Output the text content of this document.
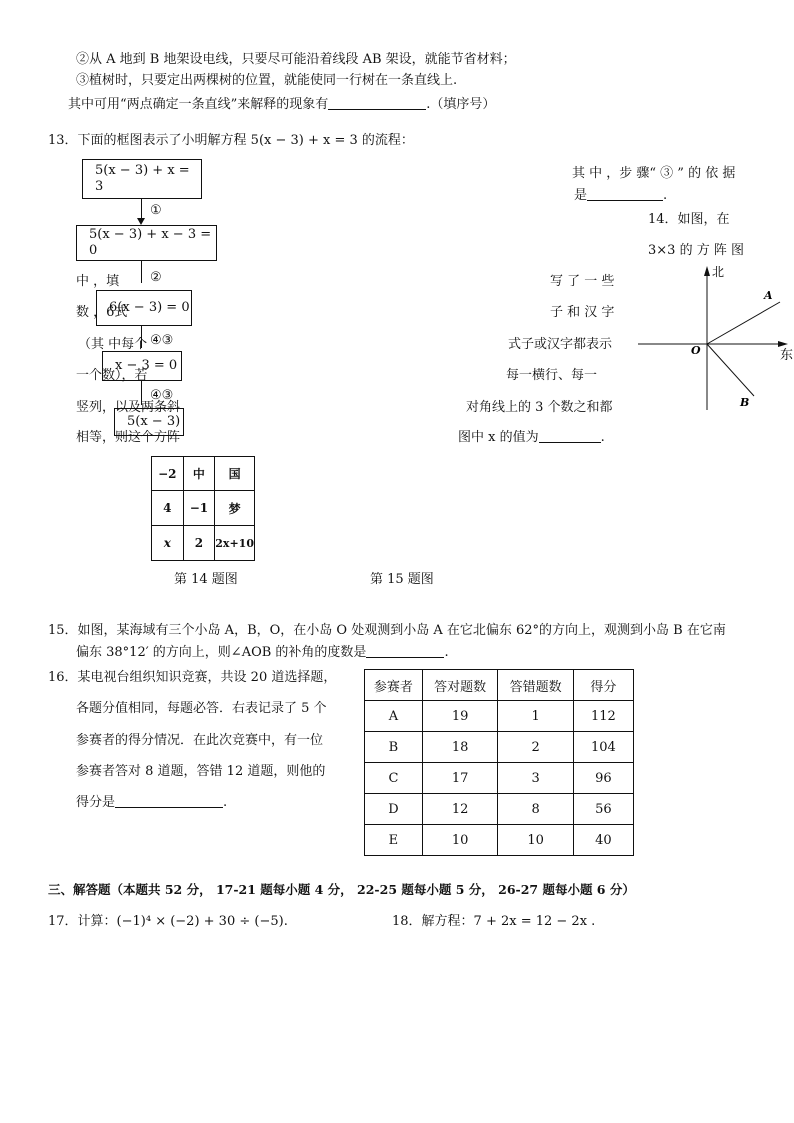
②从 A 地到 B 地架设电线，只要尽可能沿着线段 AB 架设，就能节省材料；
③植树时，只要定出两棵树的位置，就能使同一行树在一条直线上.
其中可用“两点确定一条直线”来解释的现象有	.（填序号）
13．下面的框图表示了小明解方程 5(x − 3) + x = 3 的流程：
5(x − 3) + x = 3
①
5(x − 3) + x − 3 = 0
②
6(x − 3) = 0
④③
x − 3 = 0
④③
5(x − 3)
其 中 ，步 骤“ ③ ” 的 依 据
是	.
14．如图，在
3×3 的 方 阵 图
中 ，填
数 ，6式
（其 中每个
一个数），若
竖列，以及两条斜
相等，则这个方阵
写 了 一 些
子 和 汉 字
式子或汉字都表示
每一横行、每一
对角线上的 3 个数之和都
图中 x 的值为	.
北
东
O
A
B
−2	中	国
4	−1	梦
x	2	2x+10
第 14 题图	第 15 题图
15．如图，某海域有三个小岛 A，B，O，在小岛 O 处观测到小岛 A 在它北偏东 62°的方向上，观测到小岛 B 在它南
偏东 38°12′ 的方向上，则∠AOB 的补角的度数是	.
16．某电视台组织知识竞赛，共设 20 道选择题，
各题分值相同，每题必答．右表记录了 5 个
参赛者的得分情况．在此次竞赛中，有一位
参赛者答对 8 道题，答错 12 道题，则他的
得分是	.
参赛者	答对题数	答错题数	得分
A	19	1	112
B	18	2	104
C	17	3	96
D	12	8	56
E	10	10	40
三、解答题（本题共 52 分， 17-21 题每小题 4 分， 22-25 题每小题 5 分， 26-27 题每小题 6 分）
17．计算：(−1)⁴ × (−2) + 30 ÷ (−5).	18．解方程：7 + 2x = 12 − 2x .
